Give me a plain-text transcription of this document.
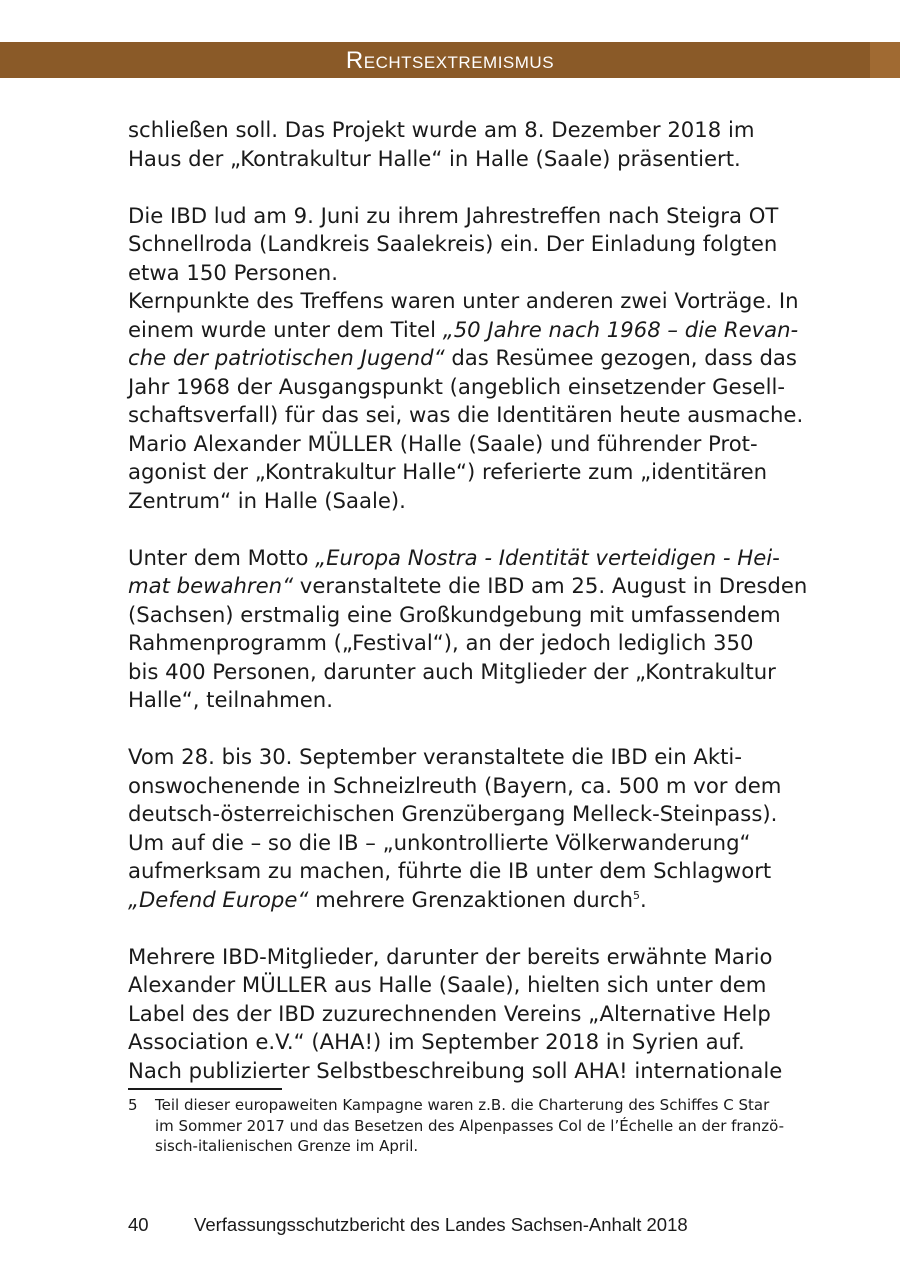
Rechtsextremismus
schließen soll. Das Projekt wurde am 8. Dezember 2018 im
Haus der „Kontrakultur Halle“ in Halle (Saale) präsentiert.
Die IBD lud am 9. Juni zu ihrem Jahrestreffen nach Steigra OT
Schnellroda (Landkreis Saalekreis) ein. Der Einladung folgten
etwa 150 Personen.
Kernpunkte des Treffens waren unter anderen zwei Vorträge. In
einem wurde unter dem Titel „50 Jahre nach 1968 – die Revan-
che der patriotischen Jugend“ das Resümee gezogen, dass das
Jahr 1968 der Ausgangspunkt (angeblich einsetzender Gesell-
schaftsverfall) für das sei, was die Identitären heute ausmache.
Mario Alexander MÜLLER (Halle (Saale) und führender Prot-
agonist der „Kontrakultur Halle“) referierte zum „identitären
Zentrum“ in Halle (Saale).
Unter dem Motto „Europa Nostra - Identität verteidigen - Hei-
mat bewahren“ veranstaltete die IBD am 25. August in Dresden
(Sachsen) erstmalig eine Großkundgebung mit umfassendem
Rahmenprogramm („Festival“), an der jedoch lediglich 350
bis 400 Personen, darunter auch Mitglieder der „Kontrakultur
Halle“, teilnahmen.
Vom 28. bis 30. September veranstaltete die IBD ein Akti-
onswochenende in Schneizlreuth (Bayern, ca. 500 m vor dem
deutsch-österreichischen Grenzübergang Melleck-Steinpass).
Um auf die – so die IB – „unkontrollierte Völkerwanderung“
aufmerksam zu machen, führte die IB unter dem Schlagwort
„Defend Europe“ mehrere Grenzaktionen durch$^5$.
Mehrere IBD-Mitglieder, darunter der bereits erwähnte Mario
Alexander MÜLLER aus Halle (Saale), hielten sich unter dem
Label des der IBD zuzurechnenden Vereins „Alternative Help
Association e.V.“ (AHA!) im September 2018 in Syrien auf.
Nach publizierter Selbstbeschreibung soll AHA! internationale
5 Teil dieser europaweiten Kampagne waren z.B. die Charterung des Schiffes C Star
im Sommer 2017 und das Besetzen des Alpenpasses Col de l’Échelle an der franzö-
sisch-italienischen Grenze im April.
40 Verfassungsschutzbericht des Landes Sachsen-Anhalt 2018
